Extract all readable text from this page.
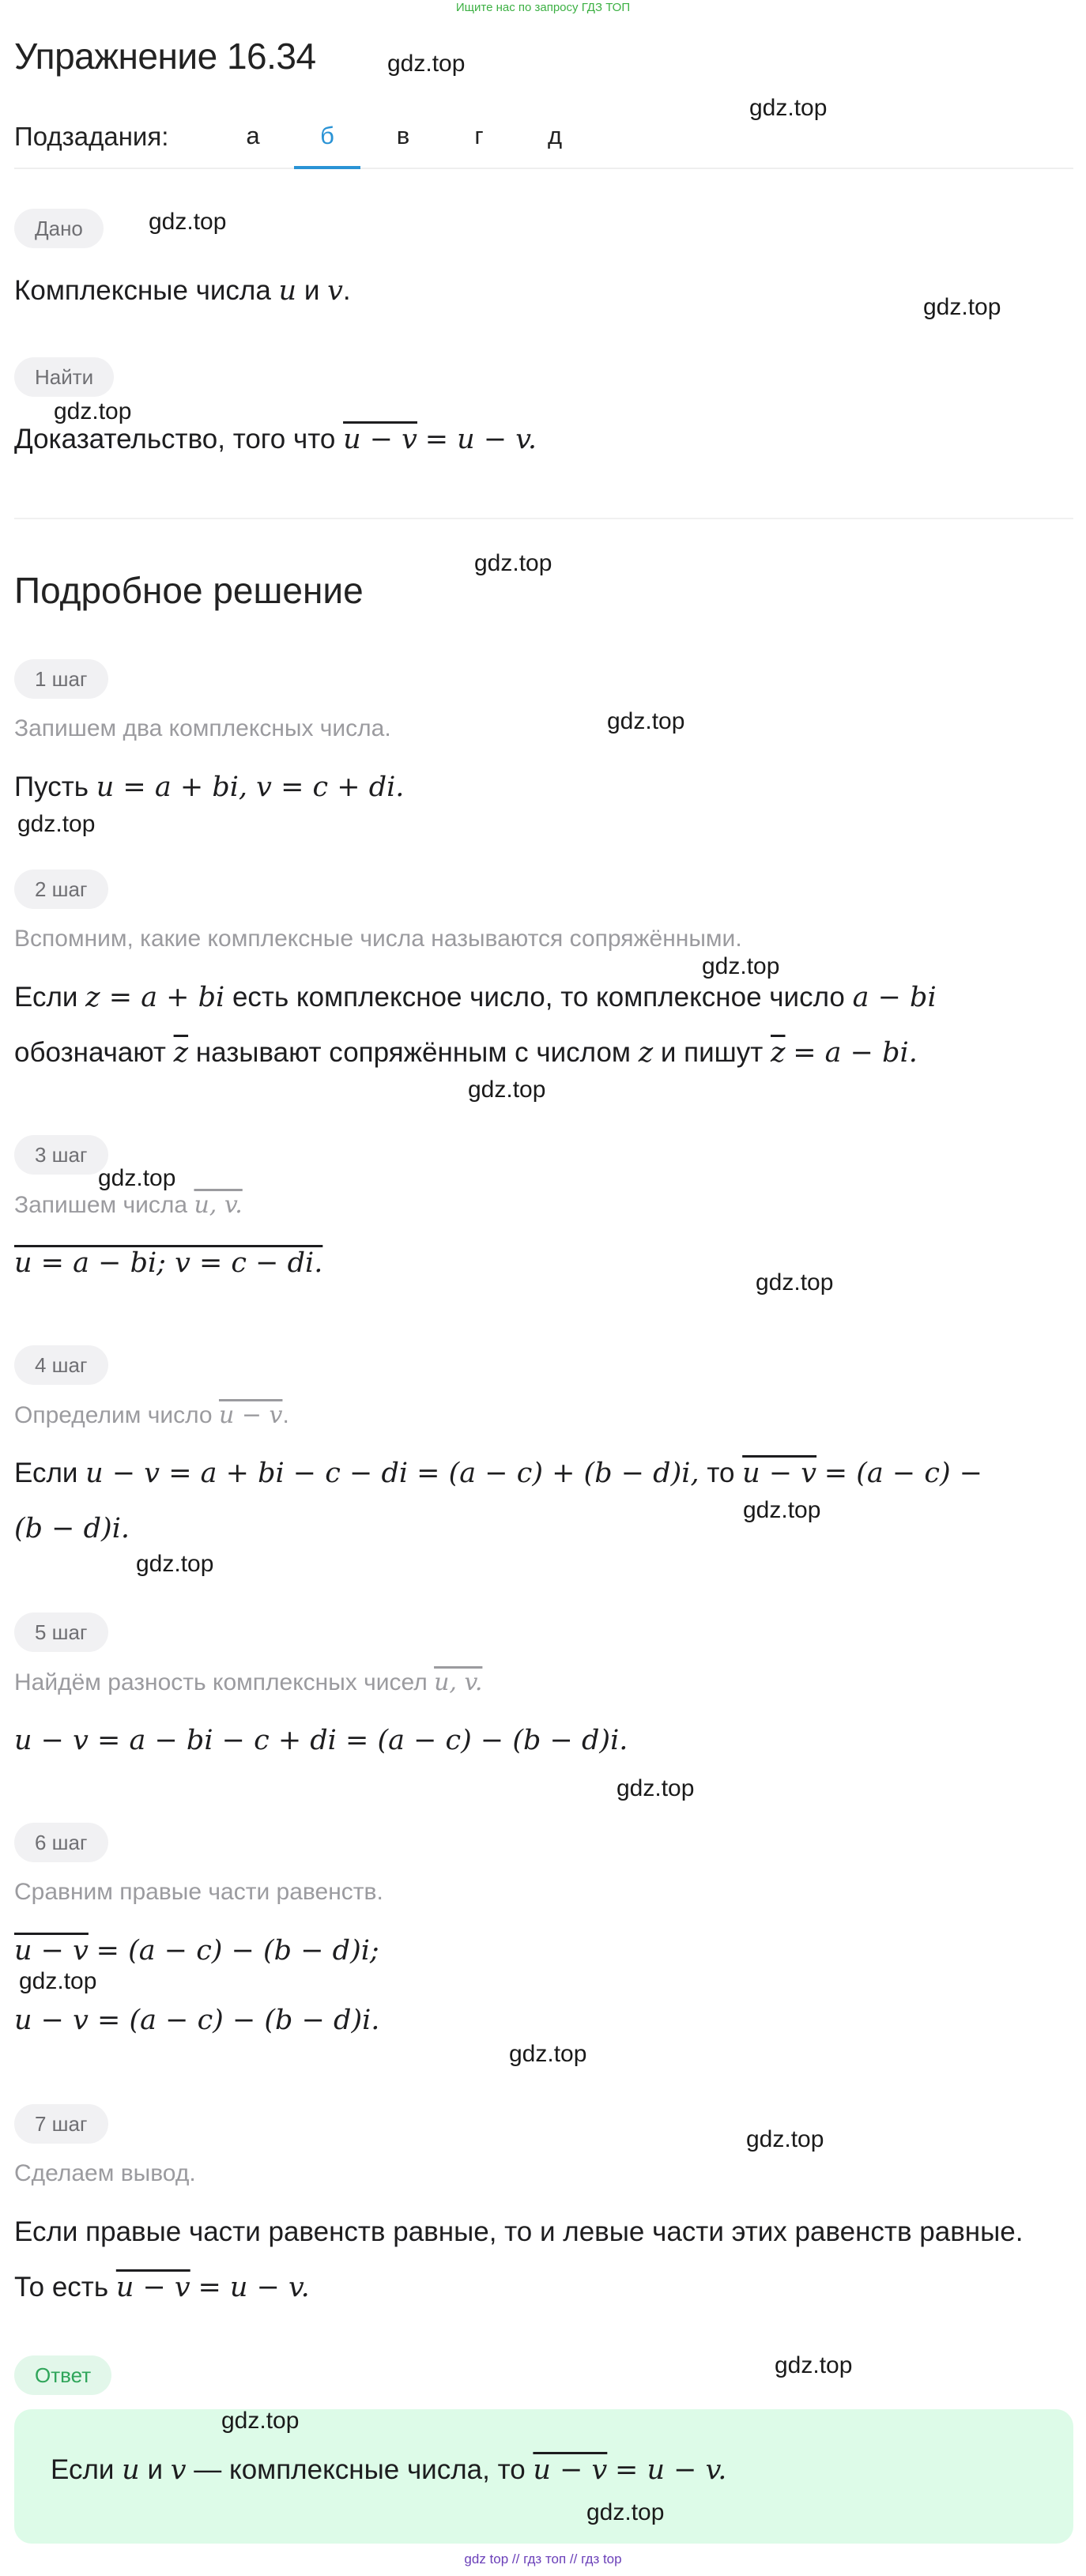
Ищите нас по запросу ГДЗ ТОП
Упражнение 16.34
Подзадания:	а	б	в	г	д
Дано
Комплексные числа u и v.
Найти
Доказательство, того что u − v = u − v.
Подробное решение
1 шаг
Запишем два комплексных числа.
Пусть u = a + bi, v = c + di.
2 шаг
Вспомним, какие комплексные числа называются сопряжёнными.
Если z = a + bi есть комплексное число, то комплексное число a − bi
обозначают $\overline{z}$ называют сопряжённым с числом z и пишут $\overline{z} = a$ − bi.
3 шаг
Запишем числа u, v.
u = a − bi; v = c − di.
4 шаг
Определим число u − v.
Если u − v = a + bi − c − di = (a − c) + (b − d)i, то u − v = (a − c) −
(b − d)i.
5 шаг
Найдём разность комплексных чисел u, v.
u − v = a − bi − c + di = (a − c) − (b − d)i.
6 шаг
Сравним правые части равенств.
u − v = (a − c) − (b − d)i;
u − v = (a − c) − (b − d)i.
7 шаг
Сделаем вывод.
Если правые части равенств равные, то и левые части этих равенств равные.
То есть u − v = u − v.
Ответ
Если u и v — комплексные числа, то u − v = u − v.
gdz.top
gdz.top
gdz.top
gdz.top
gdz.top
gdz.top
gdz.top
gdz.top
gdz.top
gdz.top
gdz.top
gdz.top
gdz.top
gdz.top
gdz.top
gdz.top
gdz.top
gdz.top
gdz.top
gdz.top
gdz.top
gdz top // гдз топ // гдз top
